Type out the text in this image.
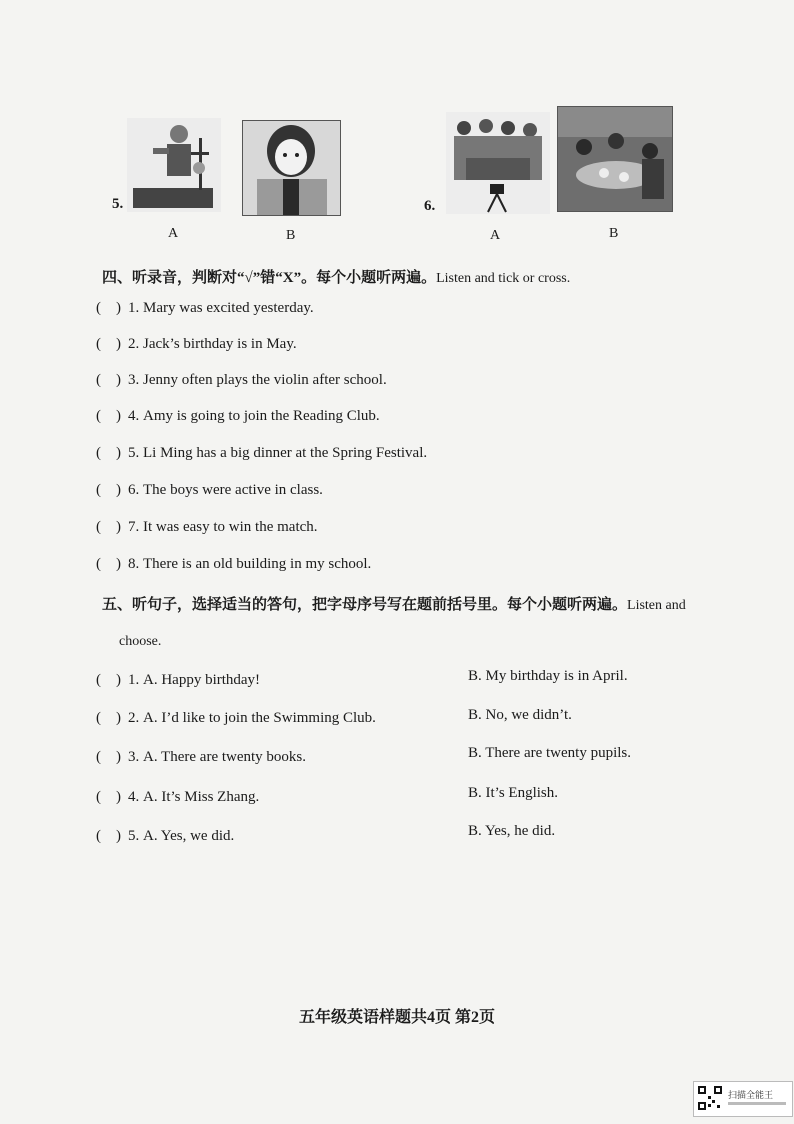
5.
A	B
6.
A	B
四、听录音，判断对“√”错“X”。每个小题听两遍。Listen and tick or cross.
( ) 1. Mary was excited yesterday.
( ) 2. Jack’s birthday is in May.
( ) 3. Jenny often plays the violin after school.
( ) 4. Amy is going to join the Reading Club.
( ) 5. Li Ming has a big dinner at the Spring Festival.
( ) 6. The boys were active in class.
( ) 7. It was easy to win the match.
( ) 8. There is an old building in my school.
五、听句子，选择适当的答句，把字母序号写在题前括号里。每个小题听两遍。Listen and
choose.
( ) 1. A. Happy birthday!	B. My birthday is in April.
( ) 2. A. I’d like to join the Swimming Club.	B. No, we didn’t.
( ) 3. A. There are twenty books.	B. There are twenty pupils.
( ) 4. A. It’s Miss Zhang.	B. It’s English.
( ) 5. A. Yes, we did.	B. Yes, he did.
五年级英语样题共4页 第2页
扫描全能王
